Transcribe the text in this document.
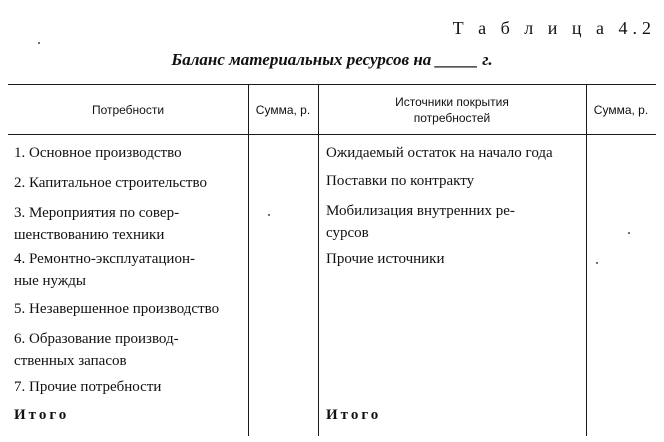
Т а б л и ц а 4.2
Баланс материальных ресурсов на _____ г.
Потребности	Сумма, р.
Источники покрытия
потребностей
Сумма, р.
1. Основное производство
2. Капитальное строительство
3. Мероприятия по совер-
шенствованию техники
4. Ремонтно-эксплуатацион-
ные нужды
5. Незавершенное производство
6. Образование производ-
ственных запасов
7. Прочие потребности
Итого
Ожидаемый остаток на начало года
Поставки по контракту
Мобилизация внутренних ре-
сурсов
Прочие источники
Итого
